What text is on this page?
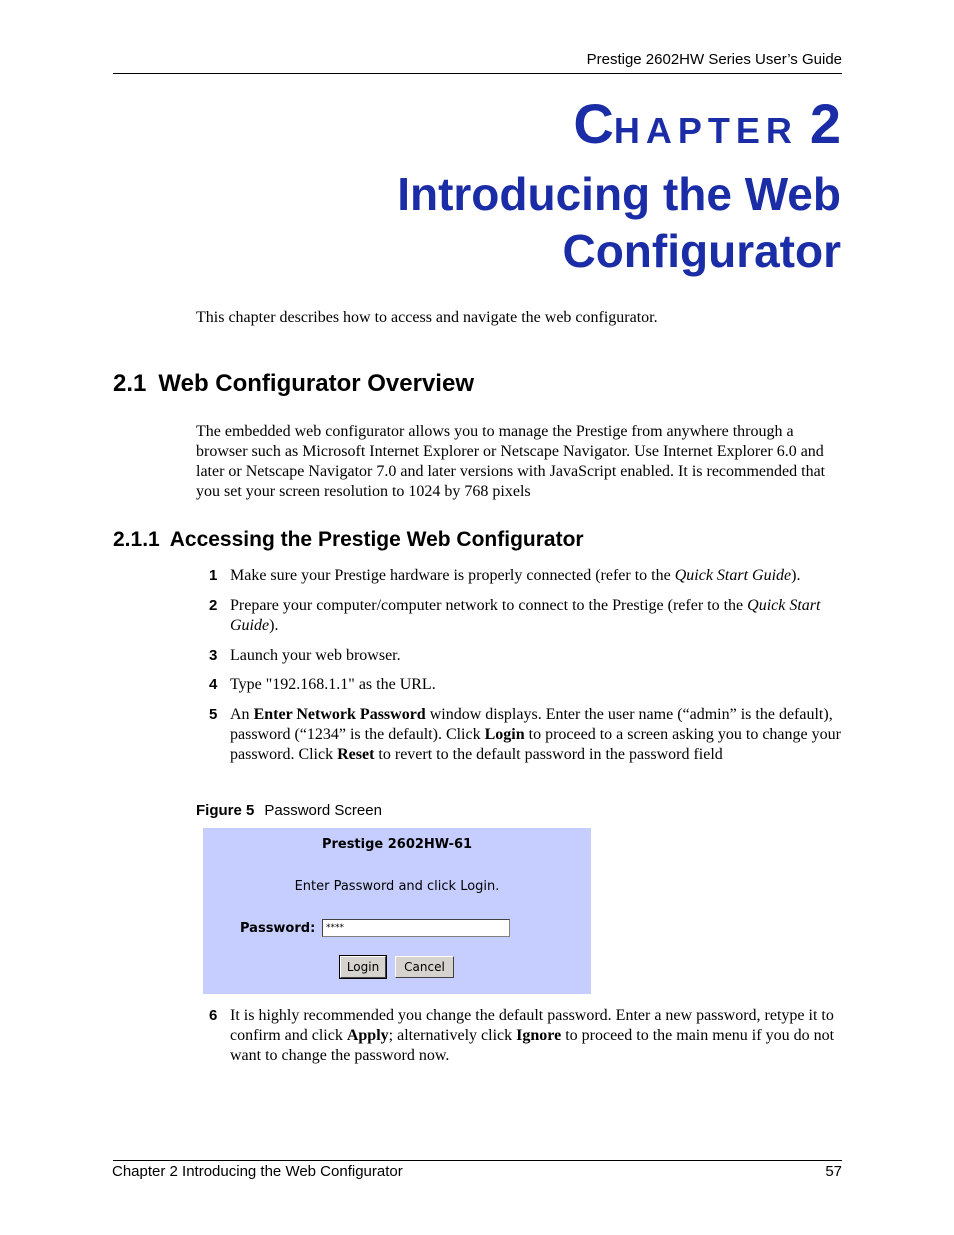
Prestige 2602HW Series User’s Guide
CHAPTER 2
Introducing the Web
Configurator
This chapter describes how to access and navigate the web configurator.
2.1 Web Configurator Overview
The embedded web configurator allows you to manage the Prestige from anywhere through a browser such as Microsoft Internet Explorer or Netscape Navigator. Use Internet Explorer 6.0 and later or Netscape Navigator 7.0 and later versions with JavaScript enabled. It is recommended that you set your screen resolution to 1024 by 768 pixels
2.1.1 Accessing the Prestige Web Configurator
1 Make sure your Prestige hardware is properly connected (refer to the Quick Start Guide).
2 Prepare your computer/computer network to connect to the Prestige (refer to the Quick Start Guide).
3 Launch your web browser.
4 Type "192.168.1.1" as the URL.
5 An Enter Network Password window displays. Enter the user name (“admin” is the default), password (“1234” is the default). Click Login to proceed to a screen asking you to change your password. Click Reset to revert to the default password in the password field
Figure 5 Password Screen
Prestige 2602HW-61
Enter Password and click Login.
Password:
****
Login	Cancel
6 It is highly recommended you change the default password. Enter a new password, retype it to confirm and click Apply; alternatively click Ignore to proceed to the main menu if you do not want to change the password now.
Chapter 2 Introducing the Web Configurator	57
